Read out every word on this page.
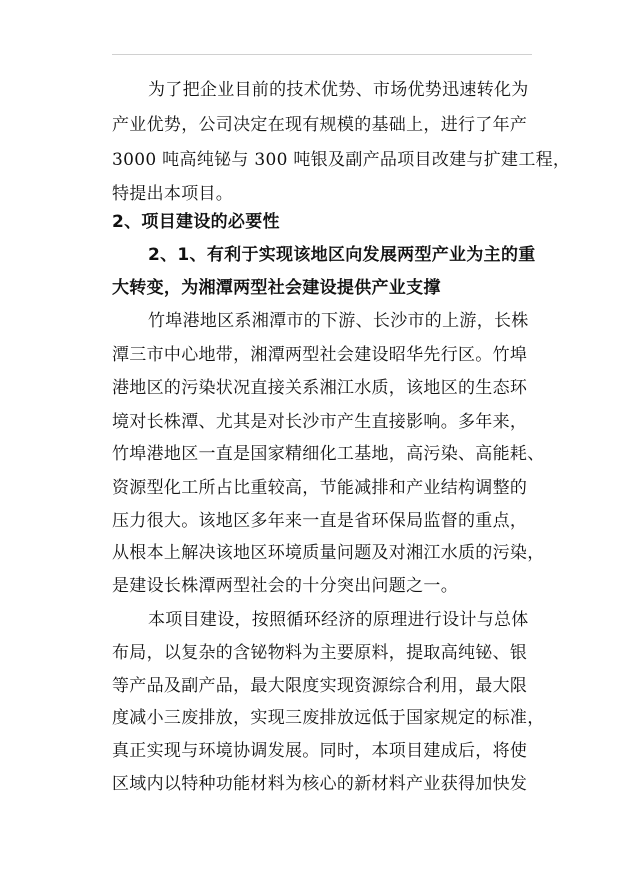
为了把企业目前的技术优势、市场优势迅速转化为
产业优势，公司决定在现有规模的基础上，进行了年产
3000 吨高纯铋与 300 吨银及副产品项目改建与扩建工程，
特提出本项目。
2、项目建设的必要性
2、1、有利于实现该地区向发展两型产业为主的重
大转变，为湘潭两型社会建设提供产业支撑
竹埠港地区系湘潭市的下游、长沙市的上游，长株
潭三市中心地带，湘潭两型社会建设昭华先行区。竹埠
港地区的污染状况直接关系湘江水质，该地区的生态环
境对长株潭、尤其是对长沙市产生直接影响。多年来，
竹埠港地区一直是国家精细化工基地，高污染、高能耗、
资源型化工所占比重较高，节能减排和产业结构调整的
压力很大。该地区多年来一直是省环保局监督的重点，
从根本上解决该地区环境质量问题及对湘江水质的污染，
是建设长株潭两型社会的十分突出问题之一。
本项目建设，按照循环经济的原理进行设计与总体
布局，以复杂的含铋物料为主要原料，提取高纯铋、银
等产品及副产品，最大限度实现资源综合利用，最大限
度减小三废排放，实现三废排放远低于国家规定的标准，
真正实现与环境协调发展。同时，本项目建成后，将使
区域内以特种功能材料为核心的新材料产业获得加快发
